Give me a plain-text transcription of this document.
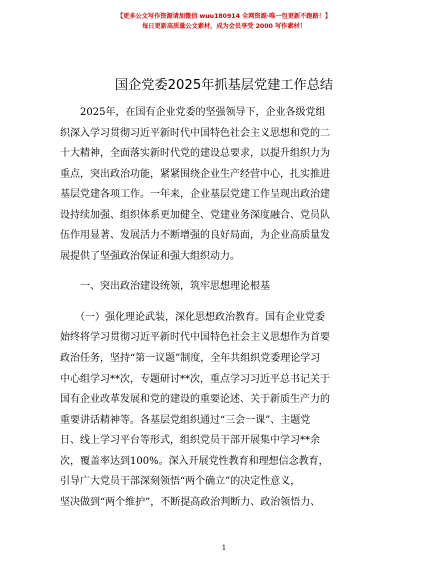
【更多公文写作资源请加微信 wuu180914 全网资源·唯一包更新不跑路！】
每日更新高质量公文素材，成为会员享受 2000 写作素材！
国企党委2025年抓基层党建工作总结

　　2025年，在国有企业党委的坚强领导下，企业各级党组

织深入学习贯彻习近平新时代中国特色社会主义思想和党的二

十大精神，全面落实新时代党的建设总要求，以提升组织力为

重点，突出政治功能，紧紧围绕企业生产经营中心，扎实推进

基层党建各项工作。一年来，企业基层党建工作呈现出政治建

设持续加强、组织体系更加健全、党建业务深度融合、党员队

伍作用显著、发展活力不断增强的良好局面，为企业高质量发

展提供了坚强政治保证和强大组织动力。

　　一、突出政治建设统领，筑牢思想理论根基

　　（一）强化理论武装，深化思想政治教育。国有企业党委

始终将学习贯彻习近平新时代中国特色社会主义思想作为首要

政治任务，坚持“第一议题”制度，全年共组织党委理论学习

中心组学习**次，专题研讨**次，重点学习习近平总书记关于

国有企业改革发展和党的建设的重要论述、关于新质生产力的

重要讲话精神等。各基层党组织通过“三会一课”、主题党

日、线上学习平台等形式，组织党员干部开展集中学习**余

次，覆盖率达到100%。深入开展党性教育和理想信念教育，

引导广大党员干部深刻领悟“两个确立”的决定性意义，

坚决做到“两个维护”，不断提高政治判断力、政治领悟力、

1
